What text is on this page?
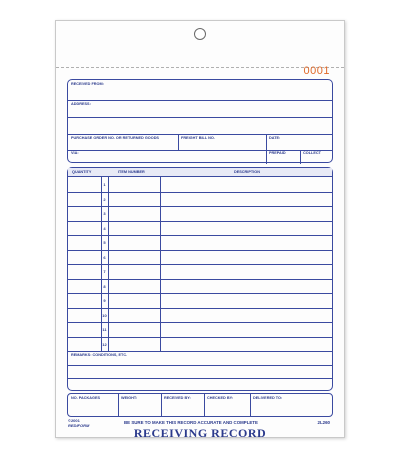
0001
RECEIVED FROM:
ADDRESS:
PURCHASE ORDER NO. OR RETURNED GOODS	FREIGHT BILL NO.	DATE:
VIA:	PREPAID	COLLECT
QUANTITY	ITEM NUMBER	DESCRIPTION
1
2
3
4
5
6
7
8
9
10
11
12
REMARKS: CONDITIONS, ETC.
NO. PACKAGES	WEIGHT:	RECEIVED BY:	CHECKED BY:	DELIVERED TO:
©2001
REDIFORM
BE SURE TO MAKE THIS RECORD ACCURATE AND COMPLETE	2L260
RECEIVING RECORD
